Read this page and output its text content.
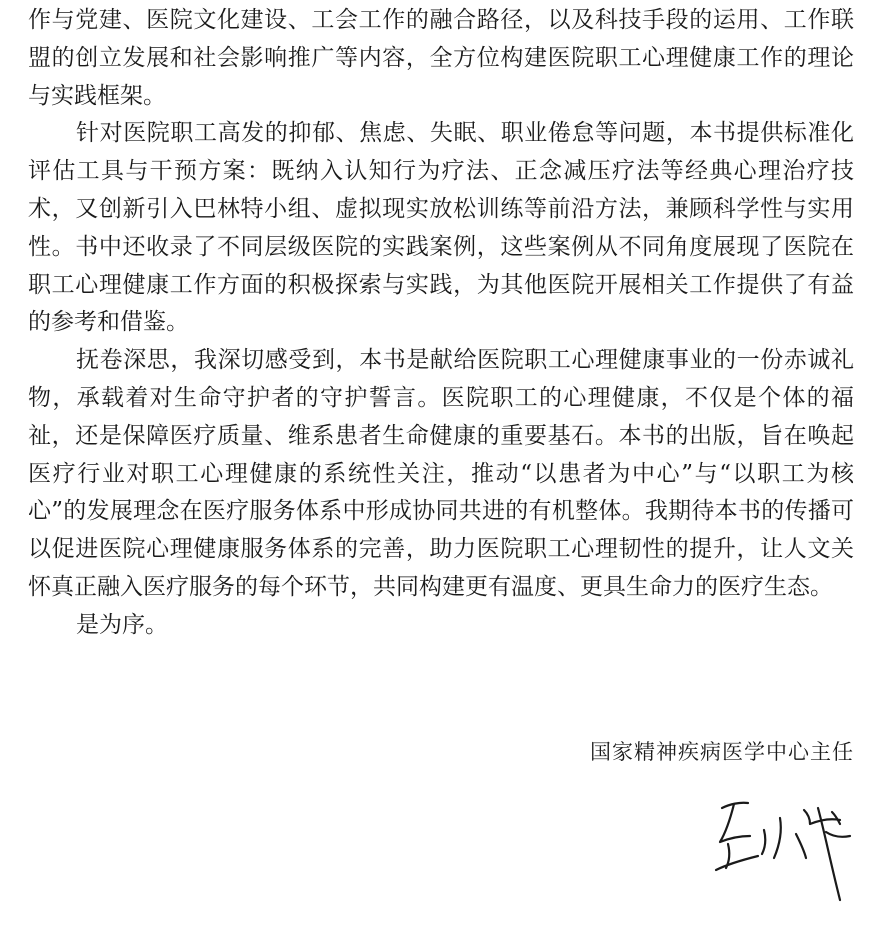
作与党建、医院文化建设、工会工作的融合路径，以及科技手段的运用、工作联盟的创立发展和社会影响推广等内容，全方位构建医院职工心理健康工作的理论与实践框架。

针对医院职工高发的抑郁、焦虑、失眠、职业倦怠等问题，本书提供标准化评估工具与干预方案：既纳入认知行为疗法、正念减压疗法等经典心理治疗技术，又创新引入巴林特小组、虚拟现实放松训练等前沿方法，兼顾科学性与实用性。书中还收录了不同层级医院的实践案例，这些案例从不同角度展现了医院在职工心理健康工作方面的积极探索与实践，为其他医院开展相关工作提供了有益的参考和借鉴。

抚卷深思，我深切感受到，本书是献给医院职工心理健康事业的一份赤诚礼物，承载着对生命守护者的守护誓言。医院职工的心理健康，不仅是个体的福祉，还是保障医疗质量、维系患者生命健康的重要基石。本书的出版，旨在唤起医疗行业对职工心理健康的系统性关注，推动“以患者为中心”与“以职工为核心”的发展理念在医疗服务体系中形成协同共进的有机整体。我期待本书的传播可以促进医院心理健康服务体系的完善，助力医院职工心理韧性的提升，让人文关怀真正融入医疗服务的每个环节，共同构建更有温度、更具生命力的医疗生态。

是为序。

国家精神疾病医学中心主任
